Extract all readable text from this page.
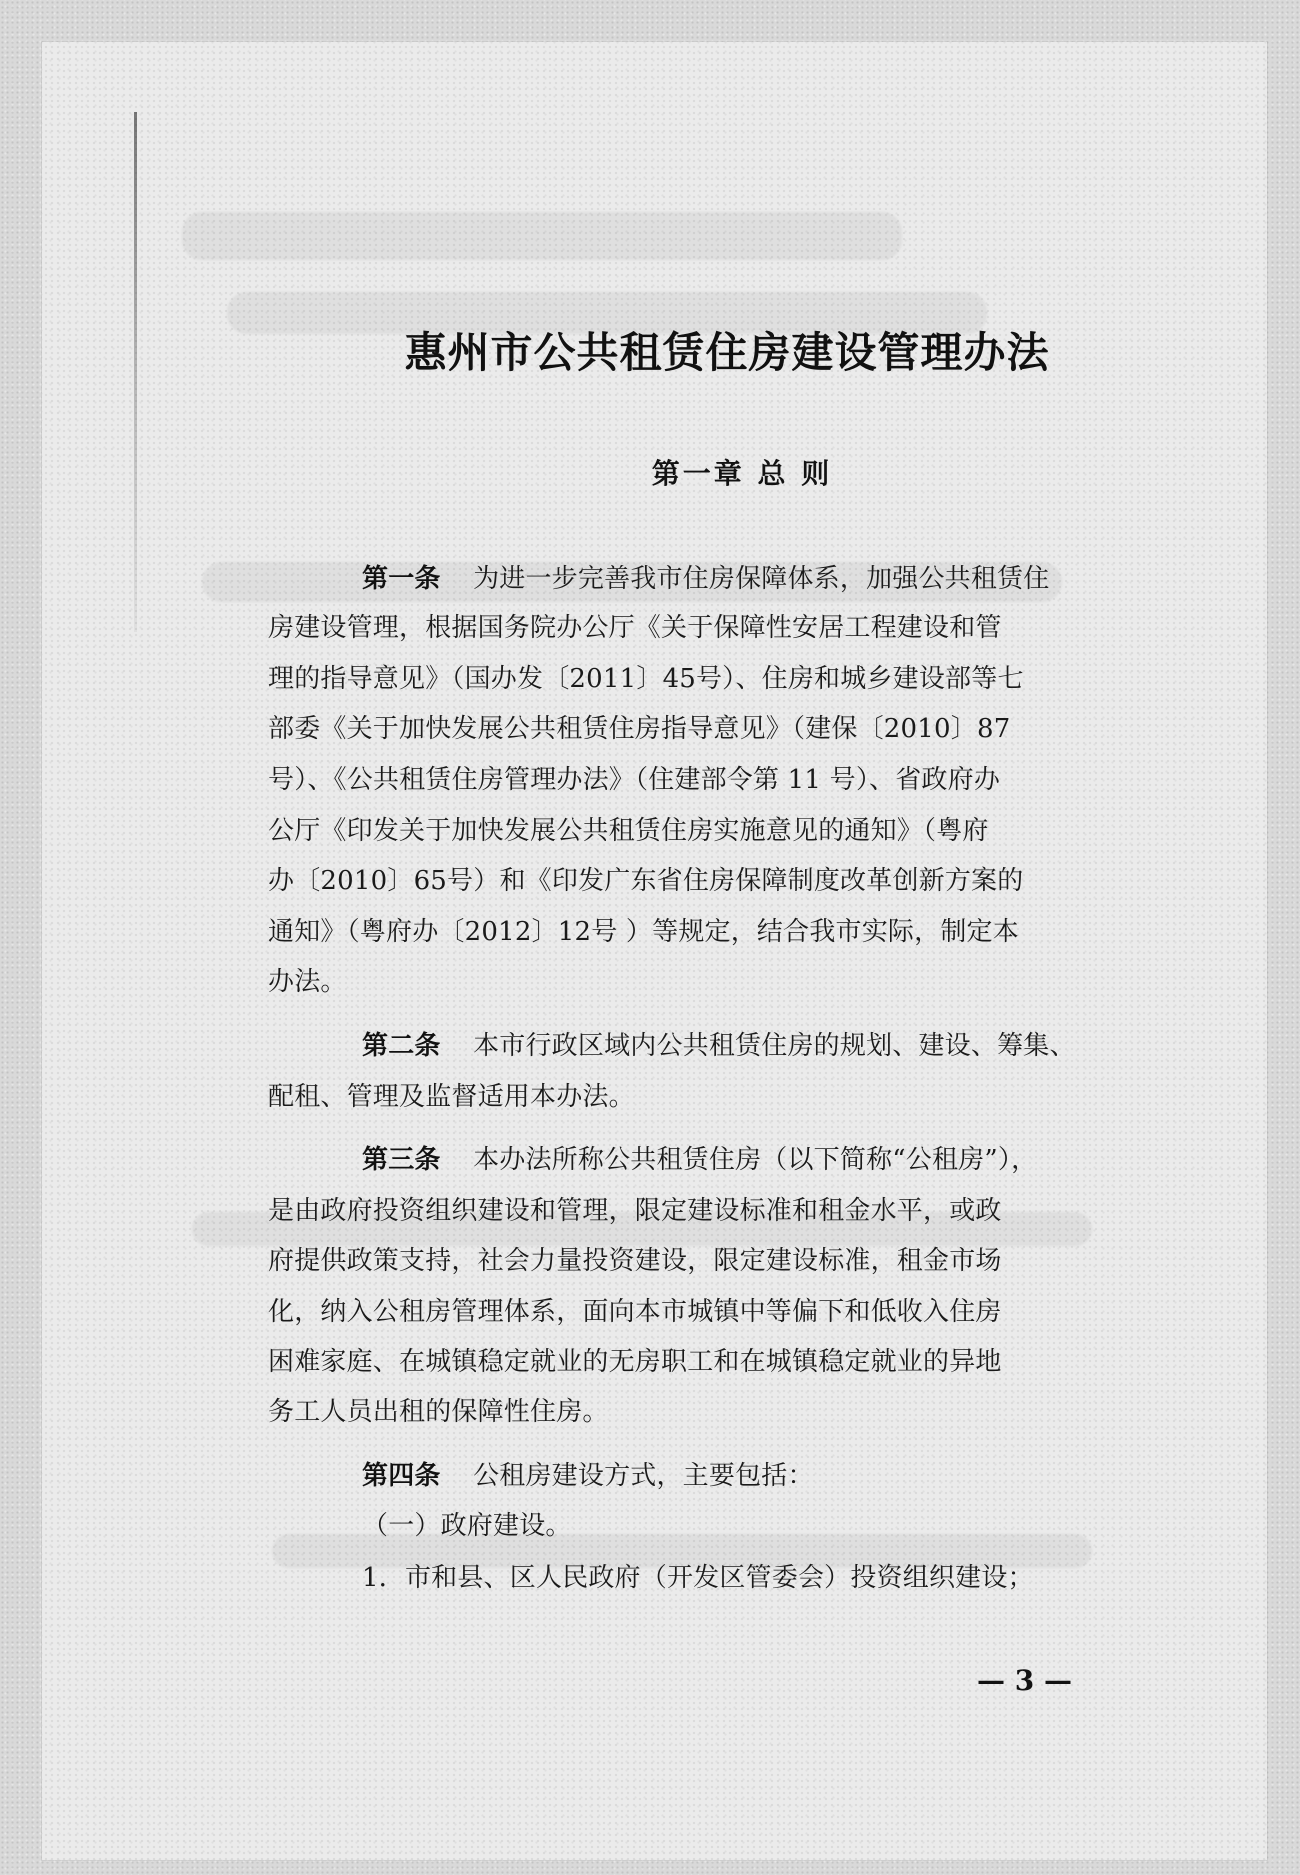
惠州市公共租赁住房建设管理办法
第一章 总 则
第一条 为进一步完善我市住房保障体系，加强公共租赁住
房建设管理，根据国务院办公厅《关于保障性安居工程建设和管
理的指导意见》（国办发〔2011〕45号）、住房和城乡建设部等七
部委《关于加快发展公共租赁住房指导意见》（建保〔2010〕87
号）、《公共租赁住房管理办法》（住建部令第 11 号）、省政府办
公厅《印发关于加快发展公共租赁住房实施意见的通知》（粤府
办〔2010〕65号）和《印发广东省住房保障制度改革创新方案的
通知》（粤府办〔2012〕12号 ）等规定，结合我市实际，制定本
办法。
第二条 本市行政区域内公共租赁住房的规划、建设、筹集、
配租、管理及监督适用本办法。
第三条 本办法所称公共租赁住房（以下简称“公租房”），
是由政府投资组织建设和管理，限定建设标准和租金水平，或政
府提供政策支持，社会力量投资建设，限定建设标准，租金市场
化，纳入公租房管理体系，面向本市城镇中等偏下和低收入住房
困难家庭、在城镇稳定就业的无房职工和在城镇稳定就业的异地
务工人员出租的保障性住房。
第四条 公租房建设方式，主要包括：
（一）政府建设。
1．市和县、区人民政府（开发区管委会）投资组织建设；
— 3 —
